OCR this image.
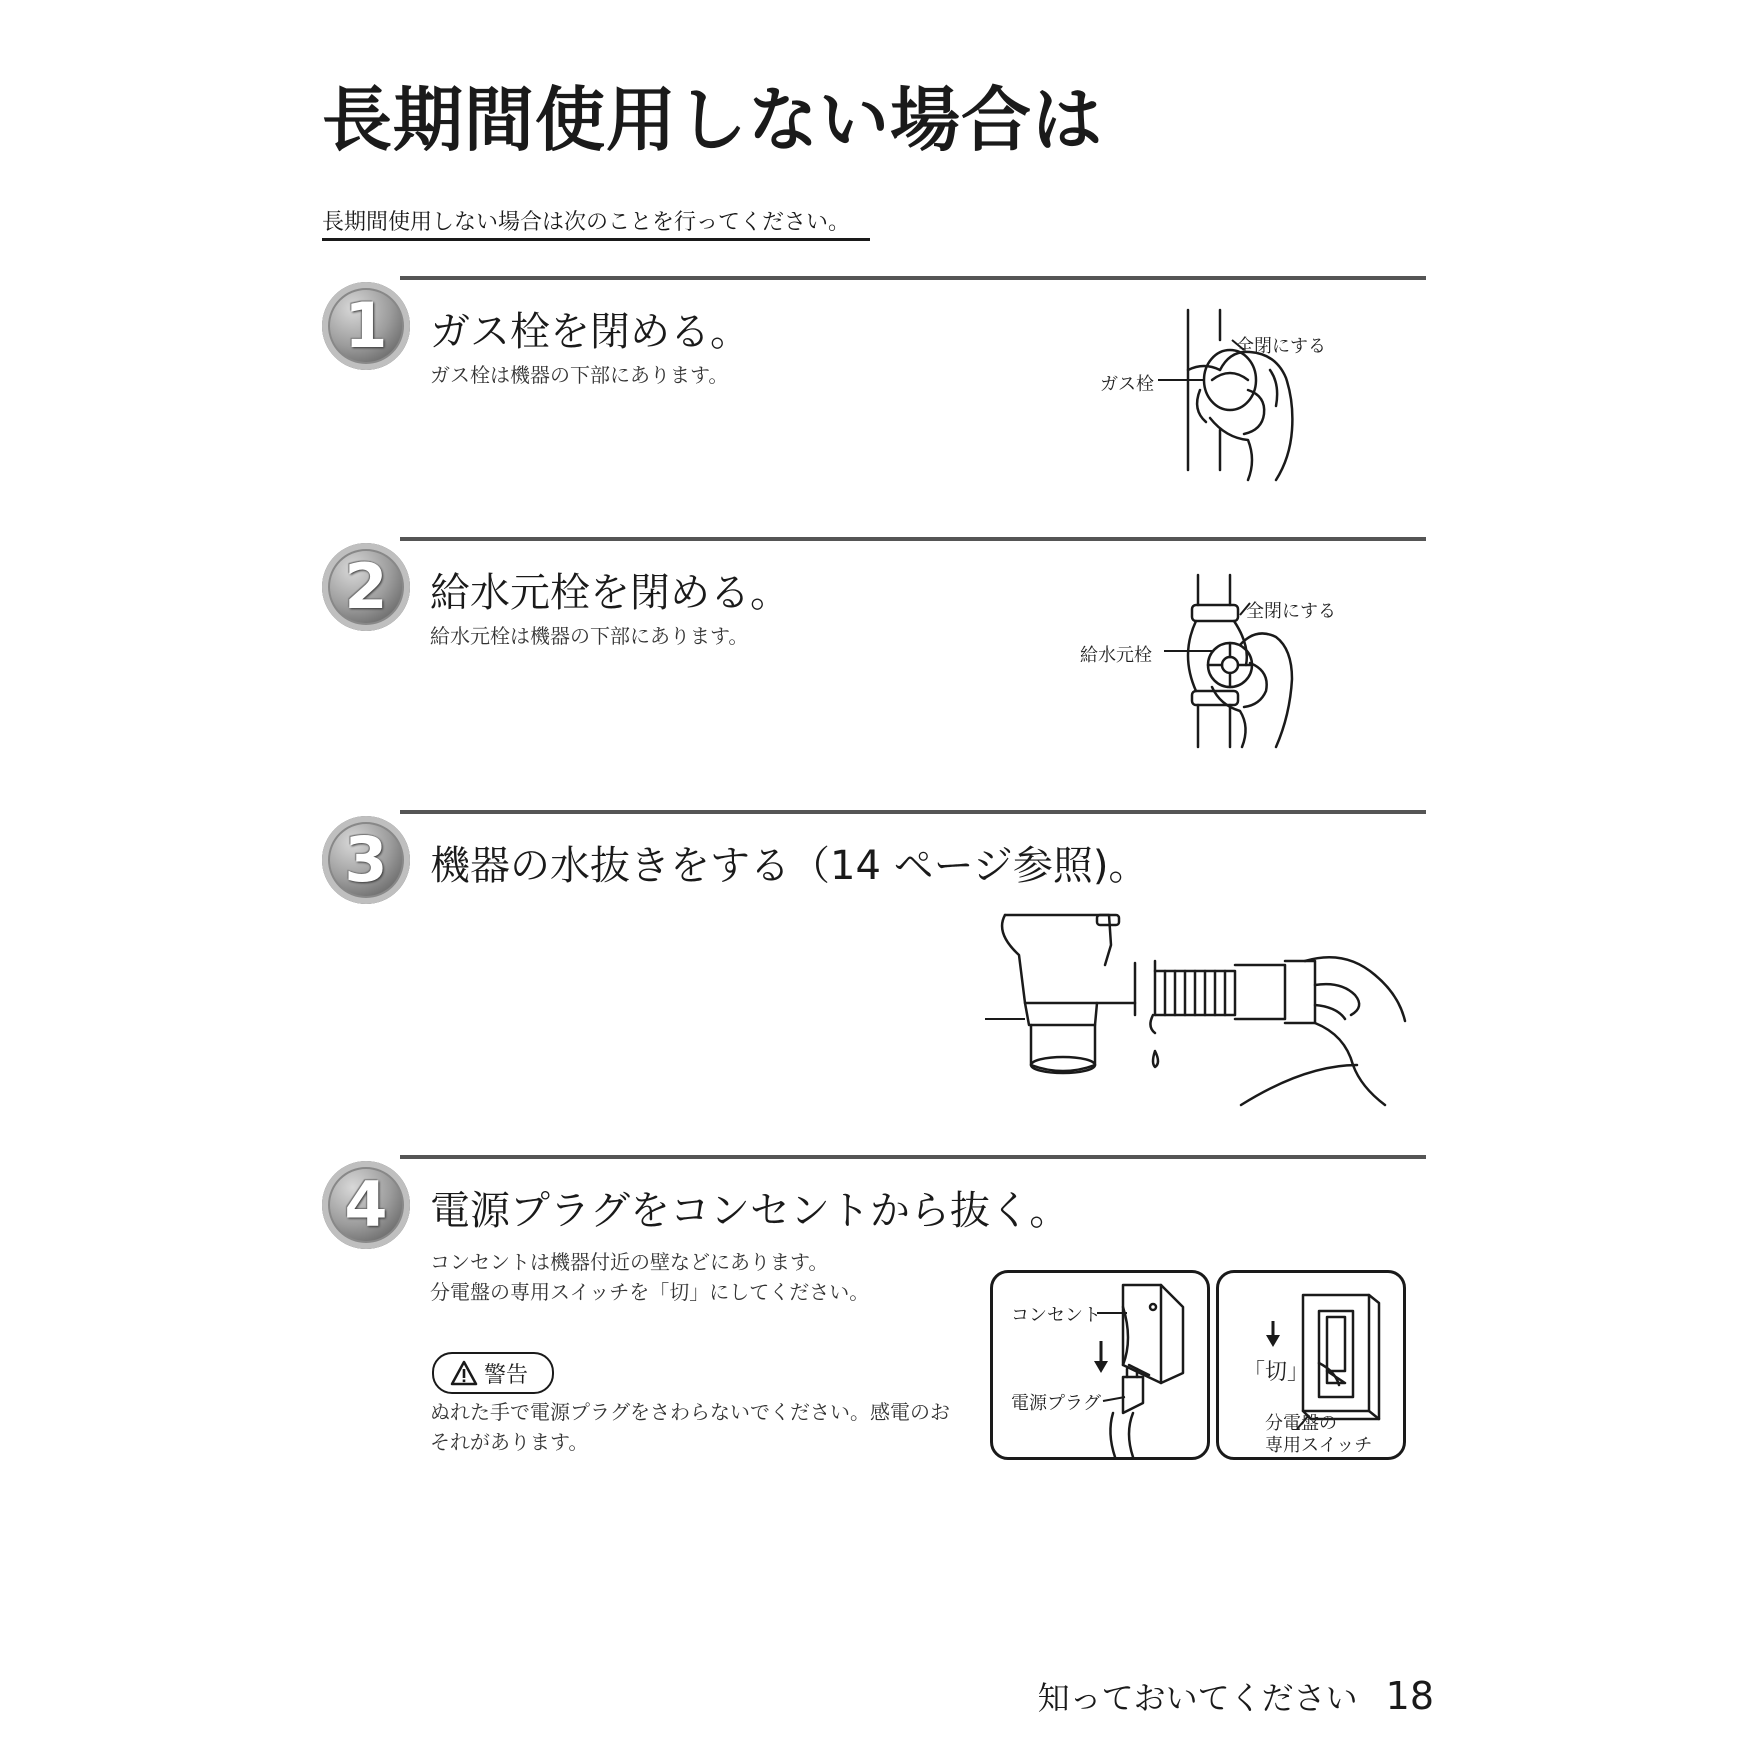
長期間使用しない場合は
長期間使用しない場合は次のことを行ってください。
1	ガス栓を閉める。
ガス栓は機器の下部にあります。
全閉にする
ガス栓
2	給水元栓を閉める。
給水元栓は機器の下部にあります。
全閉にする
給水元栓
3	機器の水抜きをする（14 ページ参照)。
4	電源プラグをコンセントから抜く。
コンセントは機器付近の壁などにあります。
分電盤の専用スイッチを「切」にしてください。
警告
ぬれた手で電源プラグをさわらないでください。感電のお
それがあります。
コンセント
電源プラグ
「切」
分電盤の
専用スイッチ
知っておいてください 18
